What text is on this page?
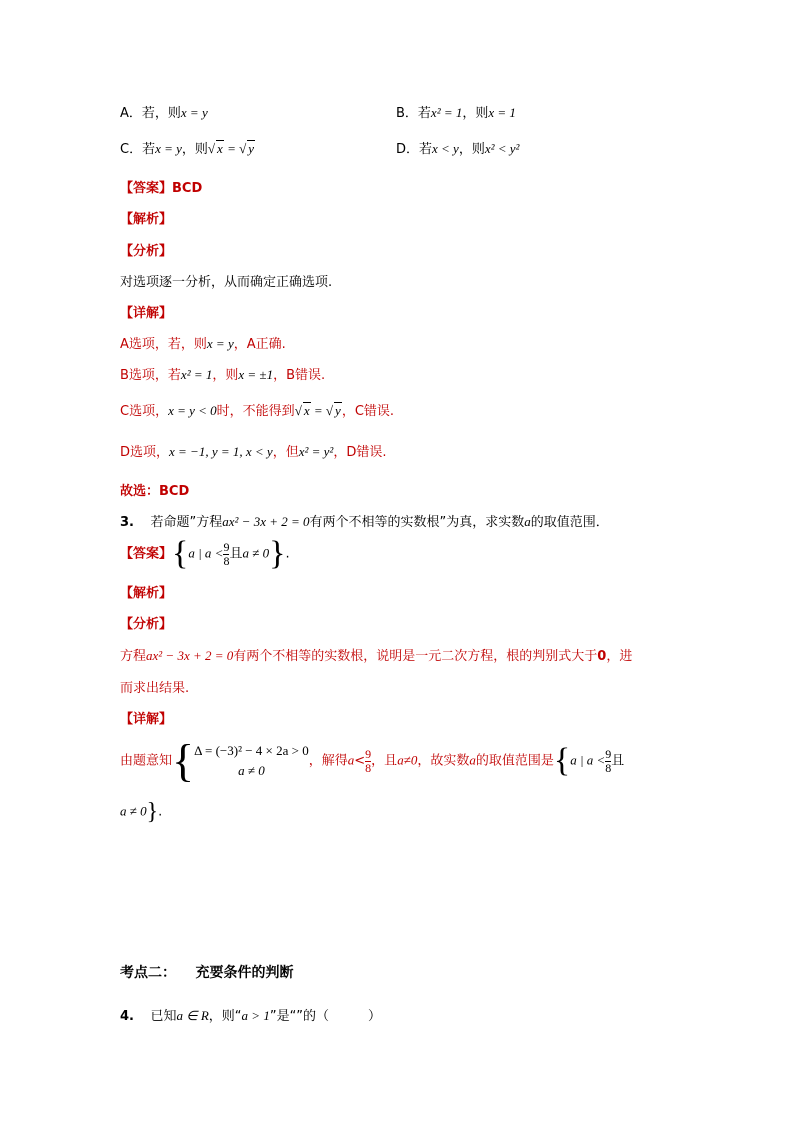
A．若，则x = y	B．若x² = 1，则x = 1
C．若x = y，则√ x = √ y	D．若x < y，则x² < y²
【答案】BCD
【解析】
【分析】
对选项逐一分析，从而确定正确选项.
【详解】
A选项，若，则x = y，A正确.
B选项，若x² = 1，则x = ±1，B错误.
C选项，x = y < 0时，不能得到√ x = √ y，C错误.
D选项，x = −1, y = 1, x < y，但x² = y²，D错误.
故选：BCD
3. 若命题”方程ax² − 3x + 2 = 0有两个不相等的实数根”为真，求实数a的取值范围．
【答案】{a | $a < \frac{9}{8}$ 且a ≠ 0}.
【解析】
【分析】
方程ax² − 3x + 2 = 0有两个不相等的实数根，说明是一元二次方程，根的判别式大于0，进
而求出结果.
【详解】
由题意知{ Δ = (−3)² − 4 × 2a > 0
a ≠ 0
，解得$a< \frac{9}{8}$ ，且a≠0，故实数a的取值范围是{a | $a < \frac{9}{8}$ 且
a ≠ 0}.
考点二： 充要条件的判断
4. 已知a ∈ R，则“a > 1”是“”的（　　　）
